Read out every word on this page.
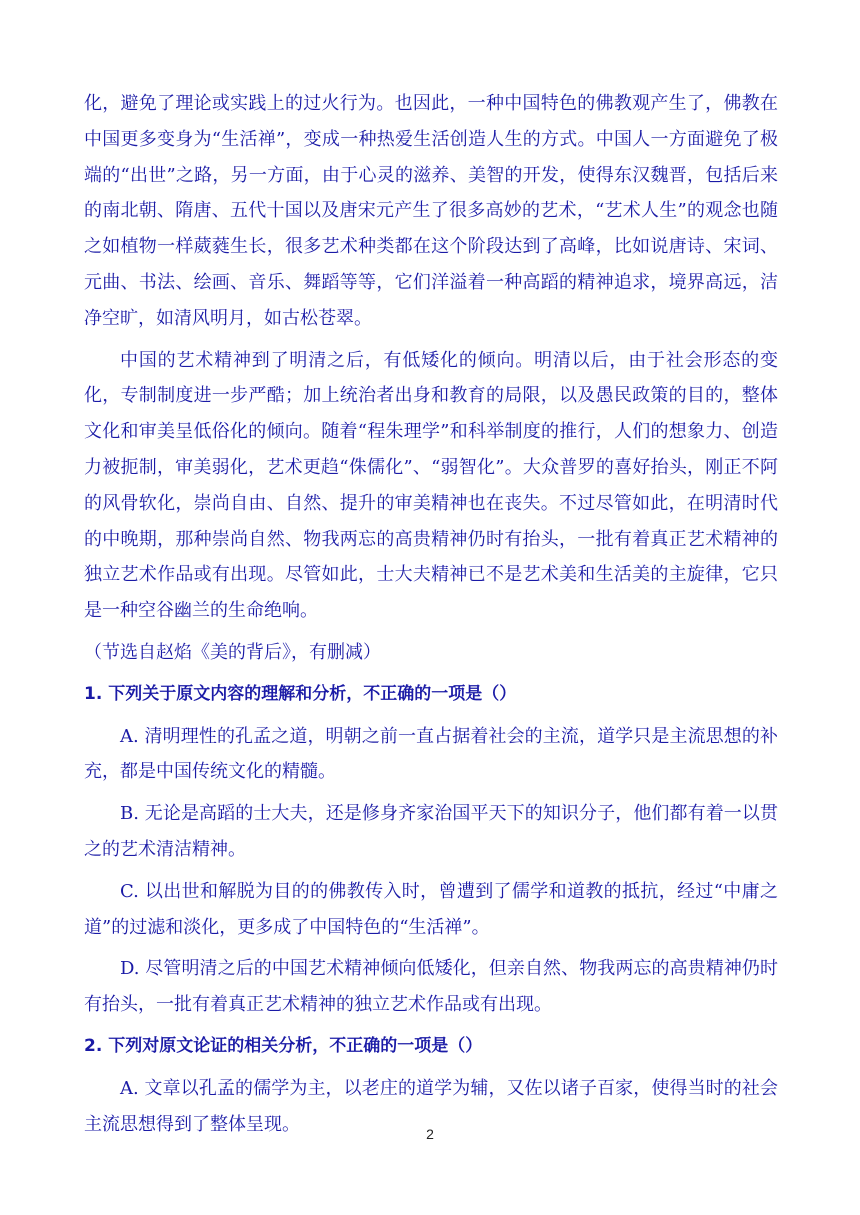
化，避免了理论或实践上的过火行为。也因此，一种中国特色的佛教观产生了，佛教在中国更多变身为“生活禅”，变成一种热爱生活创造人生的方式。中国人一方面避免了极端的“出世”之路，另一方面，由于心灵的滋养、美智的开发，使得东汉魏晋，包括后来的南北朝、隋唐、五代十国以及唐宋元产生了很多高妙的艺术，“艺术人生”的观念也随之如植物一样葳蕤生长，很多艺术种类都在这个阶段达到了高峰，比如说唐诗、宋词、元曲、书法、绘画、音乐、舞蹈等等，它们洋溢着一种高蹈的精神追求，境界高远，洁净空旷，如清风明月，如古松苍翠。

中国的艺术精神到了明清之后，有低矮化的倾向。明清以后，由于社会形态的变化，专制制度进一步严酷；加上统治者出身和教育的局限，以及愚民政策的目的，整体文化和审美呈低俗化的倾向。随着“程朱理学”和科举制度的推行，人们的想象力、创造力被扼制，审美弱化，艺术更趋“侏儒化”、“弱智化”。大众普罗的喜好抬头，刚正不阿的风骨软化，崇尚自由、自然、提升的审美精神也在丧失。不过尽管如此，在明清时代的中晚期，那种崇尚自然、物我两忘的高贵精神仍时有抬头，一批有着真正艺术精神的独立艺术作品或有出现。尽管如此，士大夫精神已不是艺术美和生活美的主旋律，它只是一种空谷幽兰的生命绝响。

（节选自赵焰《美的背后》，有删减）

1. 下列关于原文内容的理解和分析，不正确的一项是（）

A. 清明理性的孔孟之道，明朝之前一直占据着社会的主流，道学只是主流思想的补充，都是中国传统文化的精髓。

B. 无论是高蹈的士大夫，还是修身齐家治国平天下的知识分子，他们都有着一以贯之的艺术清洁精神。

C. 以出世和解脱为目的的佛教传入时，曾遭到了儒学和道教的抵抗，经过“中庸之道”的过滤和淡化，更多成了中国特色的“生活禅”。

D. 尽管明清之后的中国艺术精神倾向低矮化，但亲自然、物我两忘的高贵精神仍时有抬头，一批有着真正艺术精神的独立艺术作品或有出现。

2. 下列对原文论证的相关分析，不正确的一项是（）

A. 文章以孔孟的儒学为主，以老庄的道学为辅，又佐以诸子百家，使得当时的社会主流思想得到了整体呈现。	2
